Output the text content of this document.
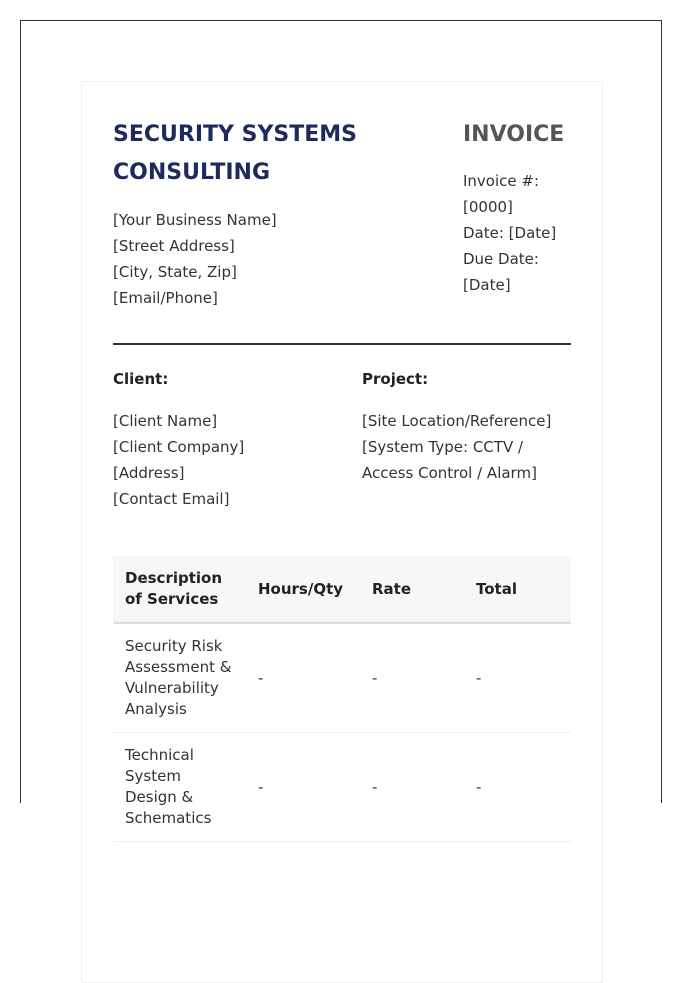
SECURITY SYSTEMS
CONSULTING
[Your Business Name]
[Street Address]
[City, State, Zip]
[Email/Phone]
INVOICE
Invoice #:
[0000]
Date: [Date]
Due Date:
[Date]
Client:	Project:
[Client Name]
[Client Company]
[Address]
[Contact Email]
[Site Location/Reference]
[System Type: CCTV / Access Control / Alarm]
Description of Services	Hours/Qty	Rate	Total
Security Risk Assessment & Vulnerability Analysis	-	-	-
Technical System Design & Schematics	-	-	-
